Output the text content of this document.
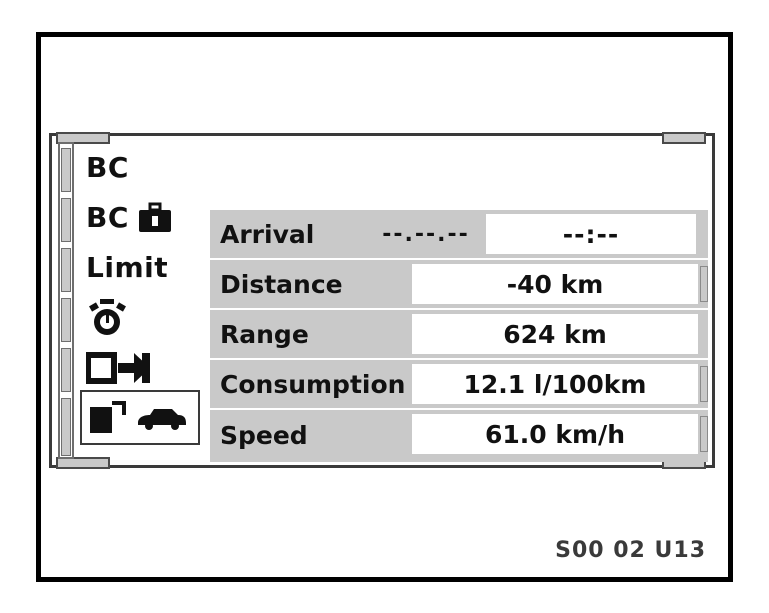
BC
BC
Limit
Arrival	--.--.--	--:--
Distance	-40 km
Range	624 km
Consumption	12.1 l/100km
Speed	61.0 km/h
S00 02 U13
